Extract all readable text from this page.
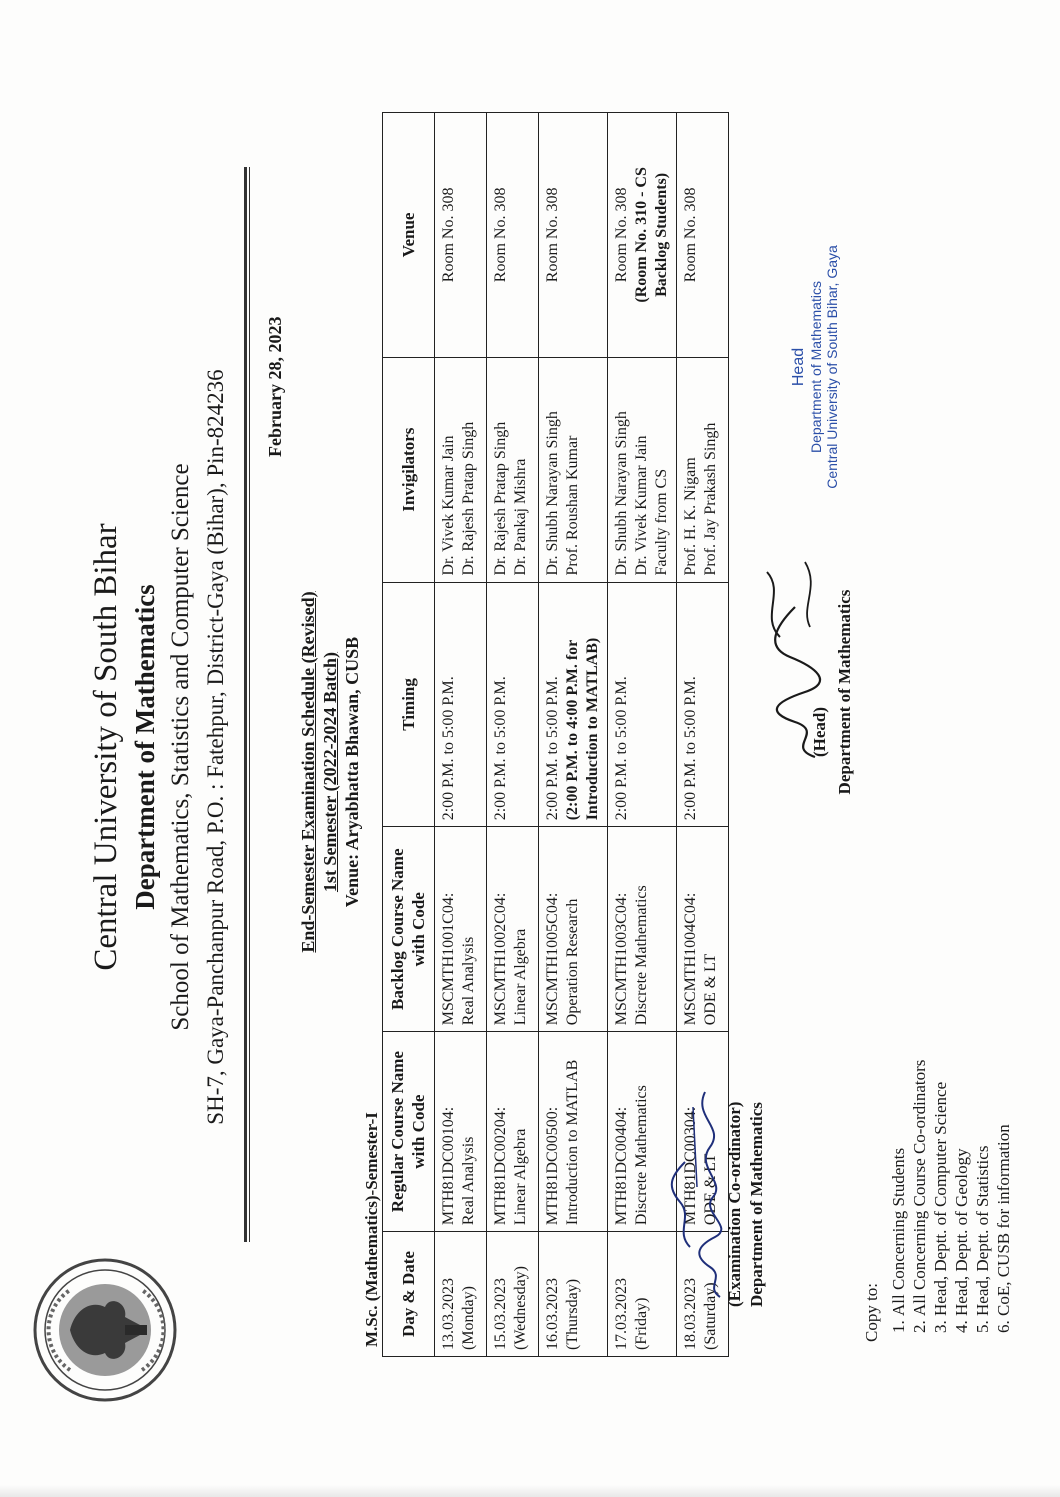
Central University of South Bihar Department of Mathematics School of Mathematics, Statistics and Computer Science SH-7, Gaya-Panchanpur Road, P.O. : Fatehpur, District-Gaya (Bihar), Pin-824236 February 28, 2023
End-Semester Examination Schedule (Revised) 1st Semester (2022-2024 Batch) Venue: Aryabhatta Bhawan, CUSB
M.Sc. (Mathematics)-Semester-I Day & Date	Regular Course Name with Code	Backlog Course Name with Code	Timing	Invigilators	Venue

13.03.2023 (Monday)	MTH81DC00104: Real Analysis	MSCMTH1001C04: Real Analysis	2:00 P.M. to 5:00 P.M.	Dr. Vivek Kumar Jain Dr. Rajesh Pratap Singh	Room No. 308

15.03.2023 (Wednesday)	MTH81DC00204: Linear Algebra	MSCMTH1002C04: Linear Algebra	2:00 P.M. to 5:00 P.M.	Dr. Rajesh Pratap Singh Dr. Pankaj Mishra	Room No. 308

16.03.2023 (Thursday)	MTH81DC00500: Introduction to MATLAB	MSCMTH1005C04: Operation Research	2:00 P.M. to 5:00 P.M. (2:00 P.M. to 4:00 P.M. for Introduction to MATLAB)	Dr. Shubh Narayan Singh Prof. Roushan Kumar	Room No. 308

17.03.2023 (Friday)	MTH81DC00404: Discrete Mathematics	MSCMTH1003C04: Discrete Mathematics	2:00 P.M. to 5:00 P.M.	Dr. Shubh Narayan Singh Dr. Vivek Kumar Jain Faculty from CS	Room No. 308 (Room No. 310 - CS Backlog Students)

18.03.2023 (Saturday)	MTH81DC00304: ODE & LT	MSCMTH1004C04: ODE & LT	2:00 P.M. to 5:00 P.M.	Prof. H. K. Nigam Prof. Jay Prakash Singh	Room No. 308
(Examination Co-ordinator) Department of Mathematics
(Head) Department of Mathematics
Head Department of Mathematics Central University of South Bihar, Gaya
Copy to: 1. All Concerning Students 2. All Concerning Course Co-ordinators 3. Head, Deptt. of Computer Science 4. Head, Deptt. of Geology 5. Head, Deptt. of Statistics 6. CoE, CUSB for information
